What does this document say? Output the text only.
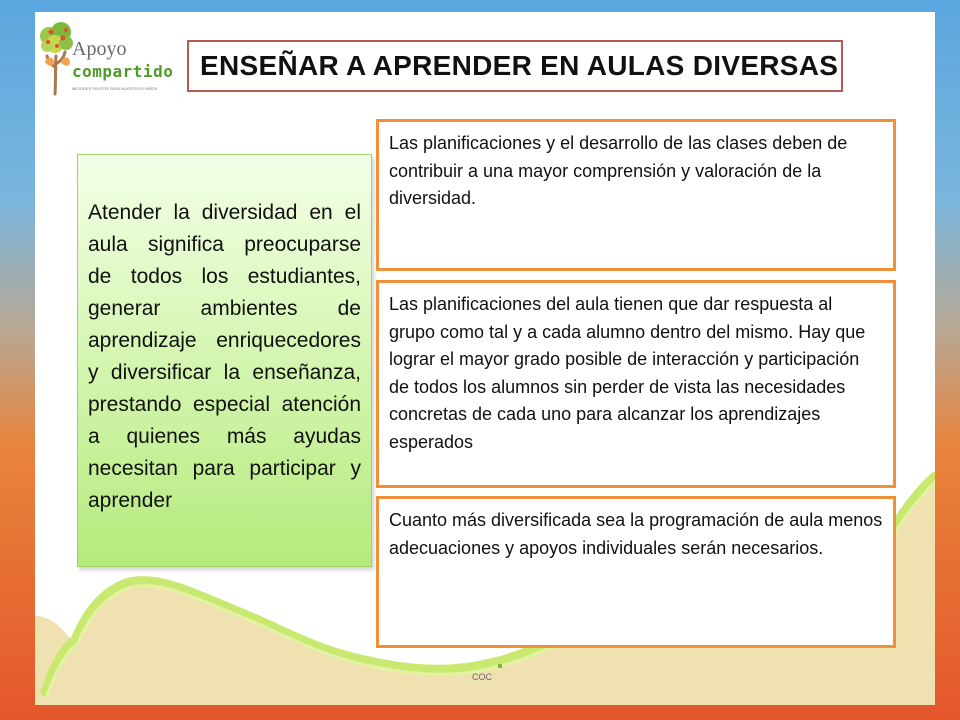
Apoyo
compartido
MEJORES FRUTOS PARA NUESTROS NIÑOS
ENSEÑAR A APRENDER EN AULAS DIVERSAS

Atender la diversidad en el aula significa preocuparse de todos los estudiantes, generar ambientes de aprendizaje enriquecedores y diversificar la enseñanza, prestando especial atención a quienes más ayudas necesitan para participar y aprender

Las planificaciones y el desarrollo de las clases deben de contribuir a una mayor comprensión y valoración de la diversidad.

Las planificaciones del aula tienen que dar respuesta al grupo como tal y a cada alumno dentro del mismo. Hay que lograr el mayor grado posible de interacción y participación de todos los alumnos sin perder de vista las necesidades concretas de cada uno para alcanzar los aprendizajes esperados

Cuanto más diversificada sea la programación de aula menos adecuaciones y apoyos individuales serán necesarios.

COC
